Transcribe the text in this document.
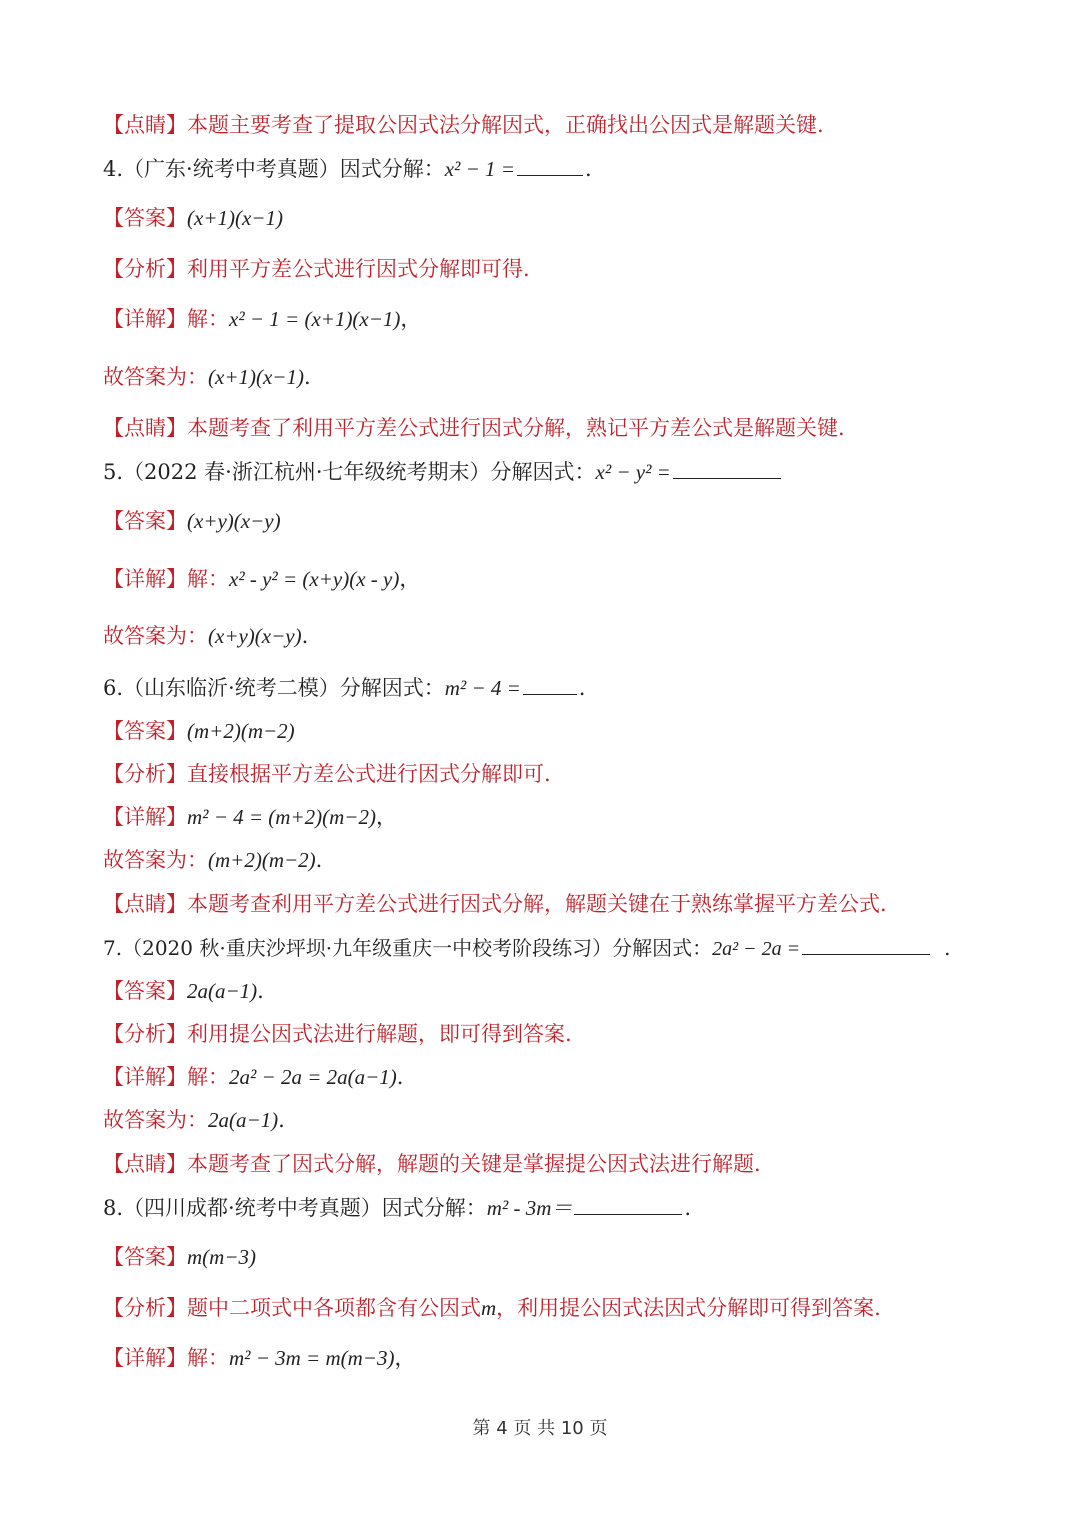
【点睛】本题主要考查了提取公因式法分解因式，正确找出公因式是解题关键.
4.（广东·统考中考真题）因式分解：x² − 1 =	.
【答案】(x+1)(x−1)
【分析】利用平方差公式进行因式分解即可得.
【详解】解：x² − 1 = (x+1)(x−1)，
故答案为：(x+1)(x−1).
【点睛】本题考查了利用平方差公式进行因式分解，熟记平方差公式是解题关键.
5.（2022 春·浙江杭州·七年级统考期末）分解因式：x² − y² =
【答案】(x+y)(x−y)
【详解】解：x² - y² = (x+y)(x - y)，
故答案为：(x+y)(x−y).
6.（山东临沂·统考二模）分解因式：m² − 4 =	.
【答案】(m+2)(m−2)
【分析】直接根据平方差公式进行因式分解即可.
【详解】m² − 4 = (m+2)(m−2)，
故答案为：(m+2)(m−2).
【点睛】本题考查利用平方差公式进行因式分解，解题关键在于熟练掌握平方差公式.
7.（2020 秋·重庆沙坪坝·九年级重庆一中校考阶段练习）分解因式：2a² − 2a =	.
【答案】2a(a−1).
【分析】利用提公因式法进行解题，即可得到答案.
【详解】解：2a² − 2a = 2a(a−1).
故答案为：2a(a−1).
【点睛】本题考查了因式分解，解题的关键是掌握提公因式法进行解题.
8.（四川成都·统考中考真题）因式分解：m² - 3m＝	.
【答案】m(m−3)
【分析】题中二项式中各项都含有公因式m，利用提公因式法因式分解即可得到答案.
【详解】解：m² − 3m = m(m−3)，
第 4 页 共 10 页
